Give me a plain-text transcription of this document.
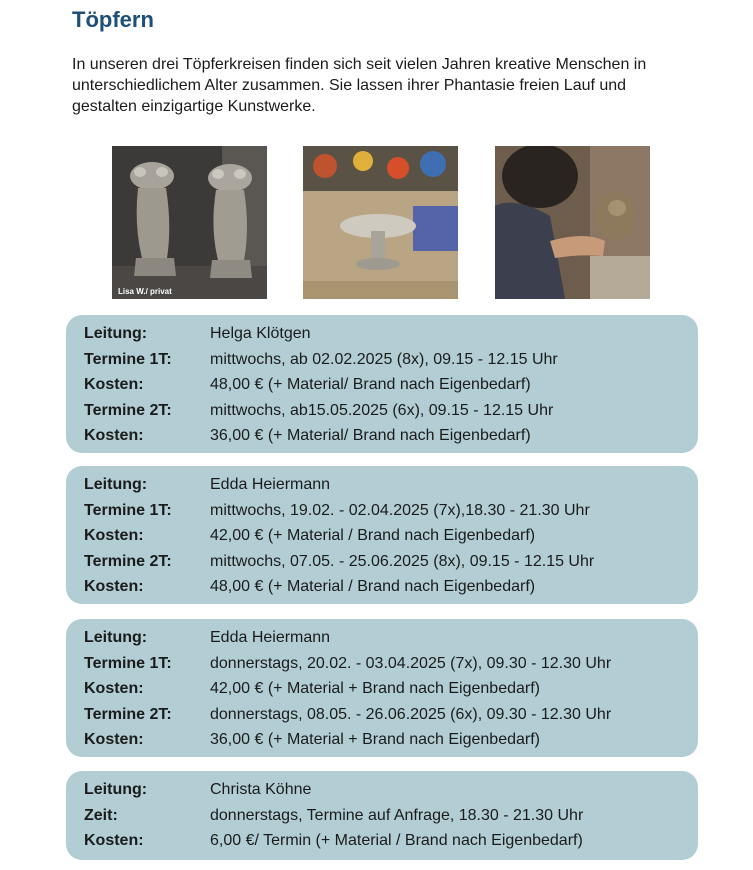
Töpfern

In unseren drei Töpferkreisen finden sich seit vielen Jahren kreative Menschen in unterschiedlichem Alter zusammen. Sie lassen ihrer Phantasie freien Lauf und gestalten einzigartige Kunstwerke.

Lisa W./ privat
Leitung:	Helga Klötgen
Termine 1T:	mittwochs, ab 02.02.2025 (8x), 09.15 - 12.15 Uhr
Kosten:	48,00 € (+ Material/ Brand nach Eigenbedarf)
Termine 2T:	mittwochs, ab15.05.2025 (6x), 09.15 - 12.15 Uhr
Kosten:	36,00 € (+ Material/ Brand nach Eigenbedarf)
Leitung:	Edda Heiermann
Termine 1T:	mittwochs, 19.02. - 02.04.2025 (7x),18.30 - 21.30 Uhr
Kosten:	42,00 € (+ Material / Brand nach Eigenbedarf)
Termine 2T:	mittwochs, 07.05. - 25.06.2025 (8x), 09.15 - 12.15 Uhr
Kosten:	48,00 € (+ Material / Brand nach Eigenbedarf)
Leitung:	Edda Heiermann
Termine 1T:	donnerstags, 20.02. - 03.04.2025 (7x), 09.30 - 12.30 Uhr
Kosten:	42,00 € (+ Material + Brand nach Eigenbedarf)
Termine 2T:	donnerstags, 08.05. - 26.06.2025 (6x), 09.30 - 12.30 Uhr
Kosten:	36,00 € (+ Material + Brand nach Eigenbedarf)
Leitung:	Christa Köhne
Zeit:	donnerstags, Termine auf Anfrage, 18.30 - 21.30 Uhr
Kosten:	6,00 €/ Termin (+ Material / Brand nach Eigenbedarf)
